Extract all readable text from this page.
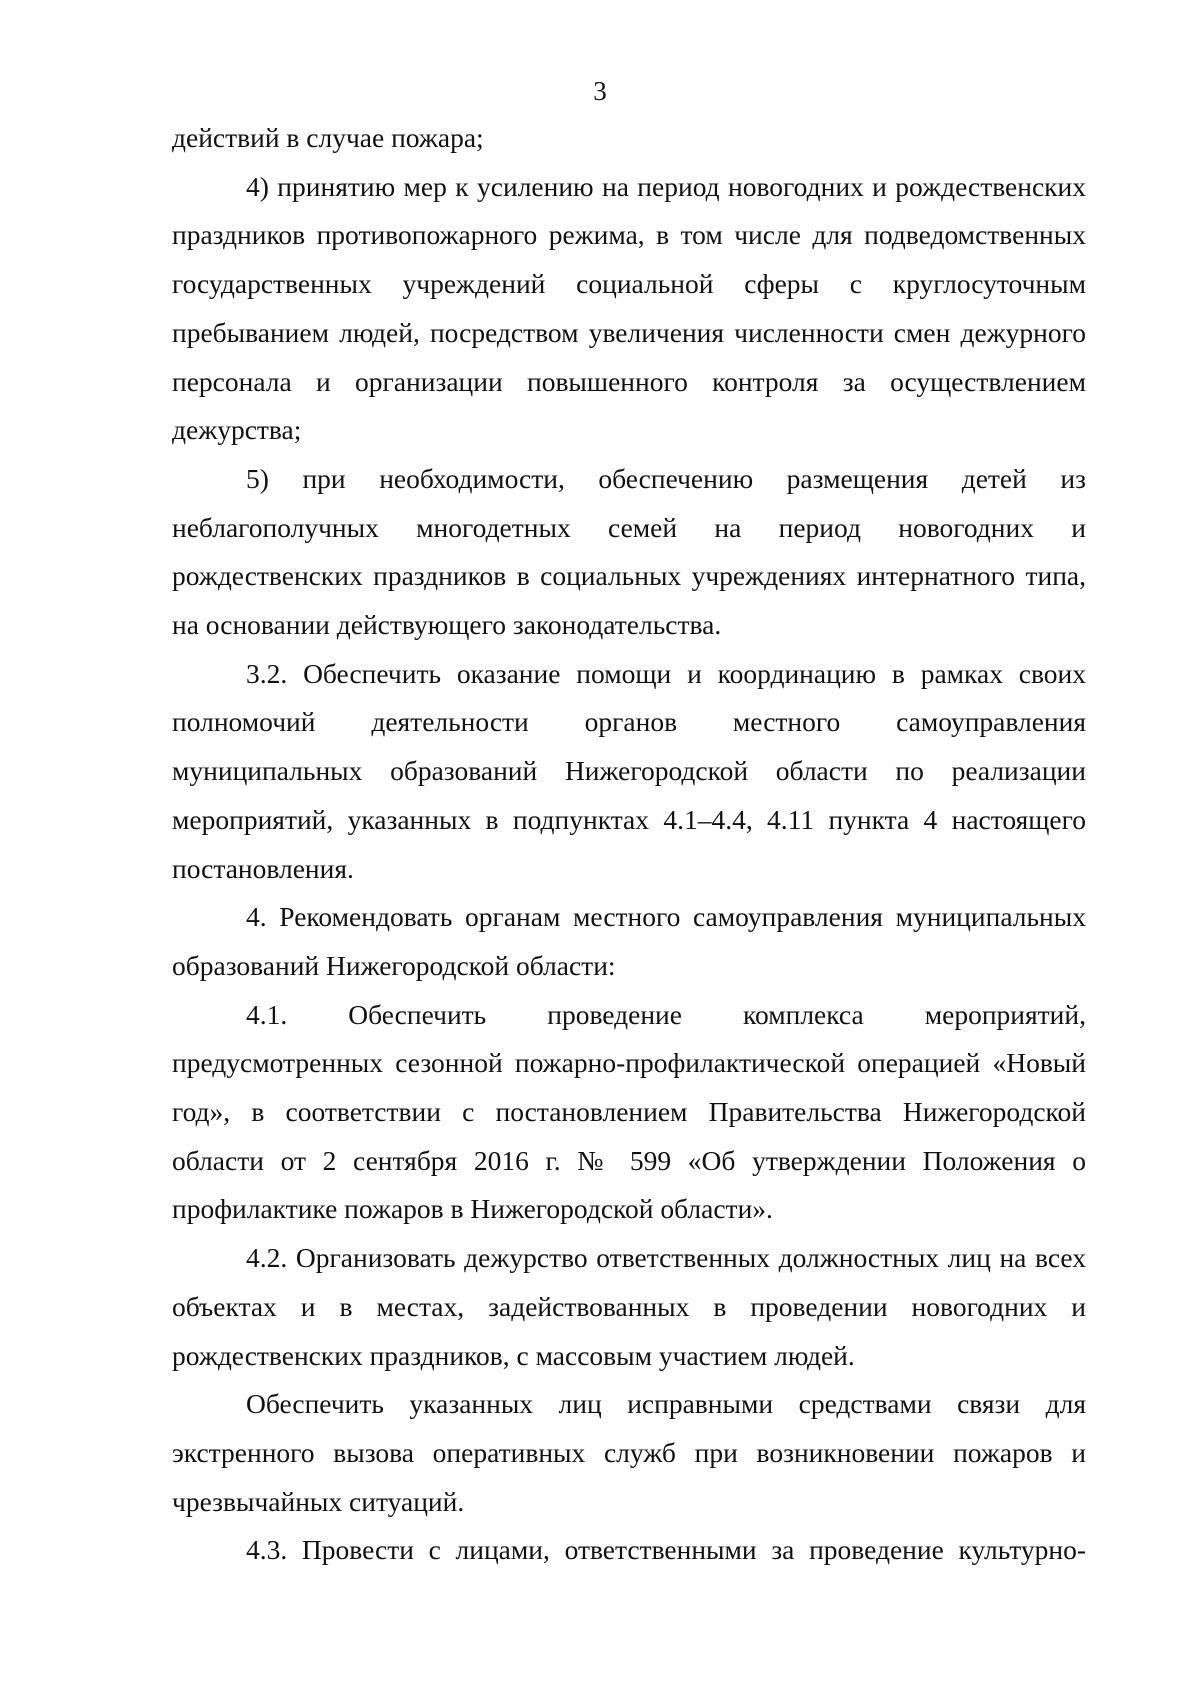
3

действий в случае пожара;

4) принятию мер к усилению на период новогодних и рождественских праздников противопожарного режима, в том числе для подведомственных государственных учреждений социальной сферы с круглосуточным пребыванием людей, посредством увеличения численности смен дежурного персонала и организации повышенного контроля за осуществлением дежурства;

5) при необходимости, обеспечению размещения детей из неблагополучных многодетных семей на период новогодних и рождественских праздников в социальных учреждениях интернатного типа, на основании действующего законодательства.

3.2. Обеспечить оказание помощи и координацию в рамках своих полномочий деятельности органов местного самоуправления муниципальных образований Нижегородской области по реализации мероприятий, указанных в подпунктах 4.1–4.4, 4.11 пункта 4 настоящего постановления.

4. Рекомендовать органам местного самоуправления муниципальных образований Нижегородской области:

4.1. Обеспечить проведение комплекса мероприятий, предусмотренных сезонной пожарно-профилактической операцией «Новый год», в соответствии с постановлением Правительства Нижегородской области от 2 сентября 2016 г. № 599 «Об утверждении Положения о профилактике пожаров в Нижегородской области».

4.2. Организовать дежурство ответственных должностных лиц на всех объектах и в местах, задействованных в проведении новогодних и рождественских праздников, с массовым участием людей.

Обеспечить указанных лиц исправными средствами связи для экстренного вызова оперативных служб при возникновении пожаров и чрезвычайных ситуаций.

4.3. Провести с лицами, ответственными за проведение культурно-
